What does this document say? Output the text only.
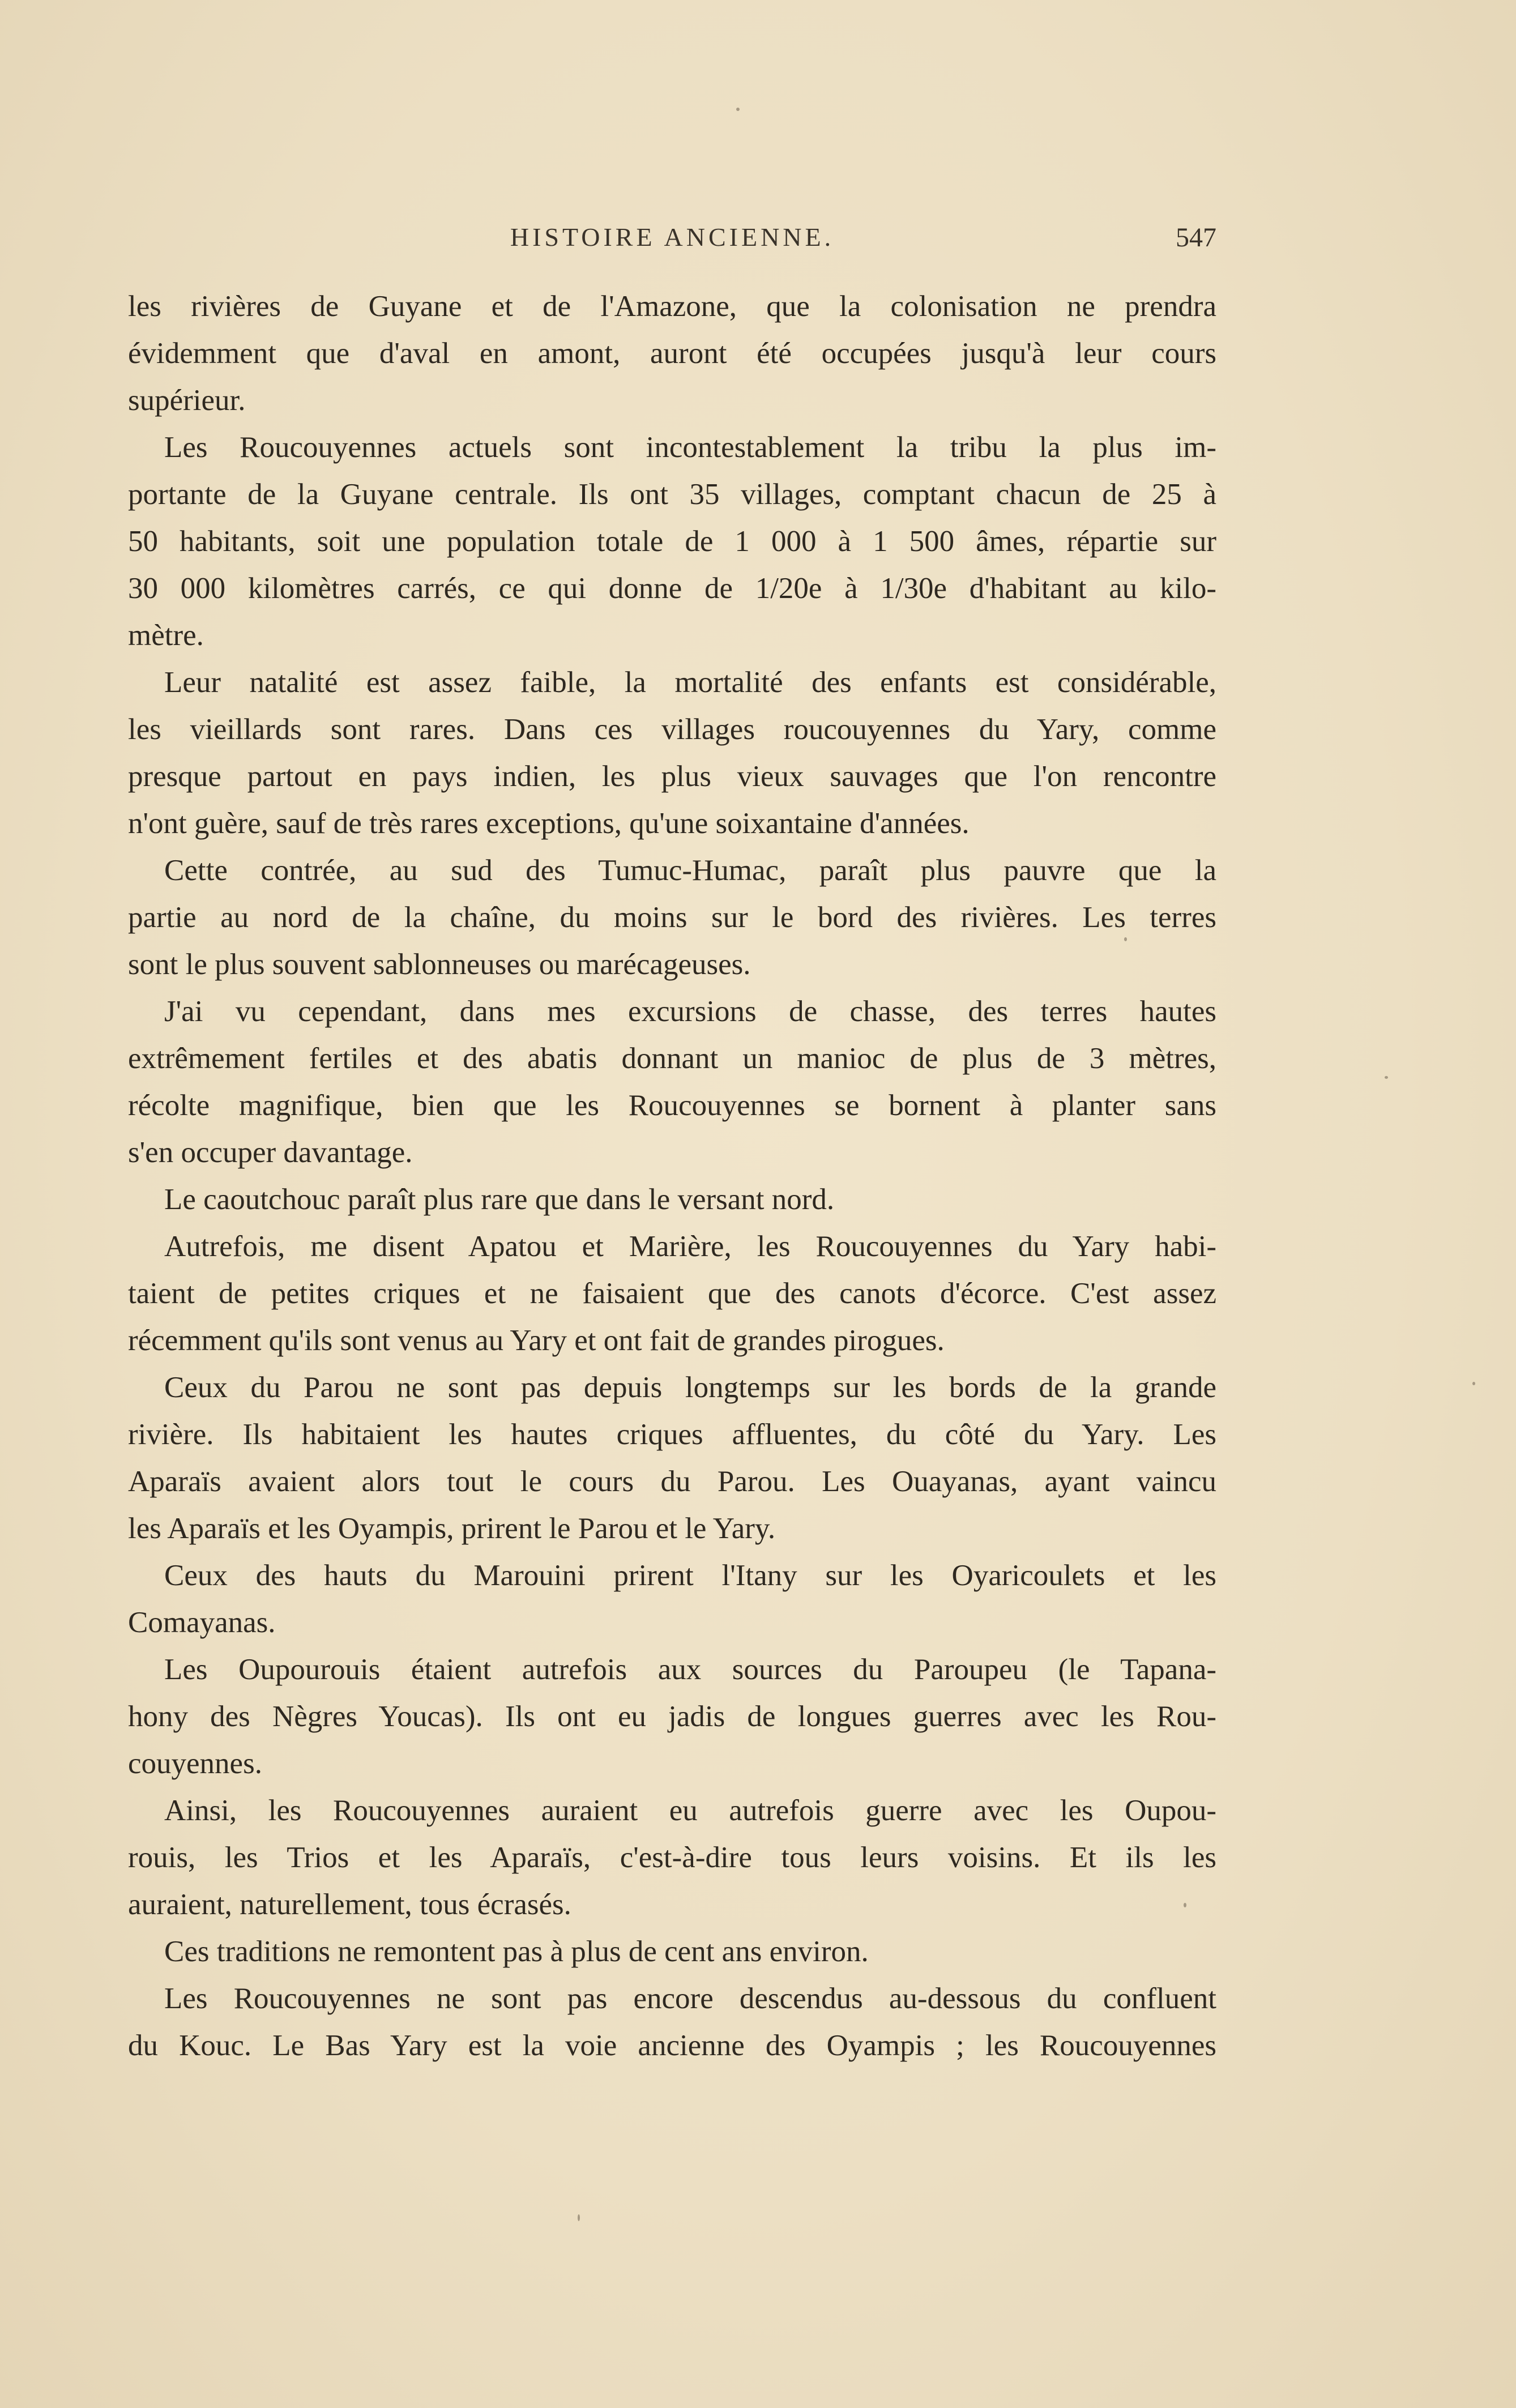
HISTOIRE ANCIENNE.	547
les rivières de Guyane et de l'Amazone, que la colonisation ne prendra
évidemment que d'aval en amont, auront été occupées jusqu'à leur cours
supérieur.
Les Roucouyennes actuels sont incontestablement la tribu la plus im-
portante de la Guyane centrale. Ils ont 35 villages, comptant chacun de 25 à
50 habitants, soit une population totale de 1 000 à 1 500 âmes, répartie sur
30 000 kilomètres carrés, ce qui donne de 1/20e à 1/30e d'habitant au kilo-
mètre.
Leur natalité est assez faible, la mortalité des enfants est considérable,
les vieillards sont rares. Dans ces villages roucouyennes du Yary, comme
presque partout en pays indien, les plus vieux sauvages que l'on rencontre
n'ont guère, sauf de très rares exceptions, qu'une soixantaine d'années.
Cette contrée, au sud des Tumuc-Humac, paraît plus pauvre que la
partie au nord de la chaîne, du moins sur le bord des rivières. Les terres
sont le plus souvent sablonneuses ou marécageuses.
J'ai vu cependant, dans mes excursions de chasse, des terres hautes
extrêmement fertiles et des abatis donnant un manioc de plus de 3 mètres,
récolte magnifique, bien que les Roucouyennes se bornent à planter sans
s'en occuper davantage.
Le caoutchouc paraît plus rare que dans le versant nord.
Autrefois, me disent Apatou et Marière, les Roucouyennes du Yary habi-
taient de petites criques et ne faisaient que des canots d'écorce. C'est assez
récemment qu'ils sont venus au Yary et ont fait de grandes pirogues.
Ceux du Parou ne sont pas depuis longtemps sur les bords de la grande
rivière. Ils habitaient les hautes criques affluentes, du côté du Yary. Les
Aparaïs avaient alors tout le cours du Parou. Les Ouayanas, ayant vaincu
les Aparaïs et les Oyampis, prirent le Parou et le Yary.
Ceux des hauts du Marouini prirent l'Itany sur les Oyaricoulets et les
Comayanas.
Les Oupourouis étaient autrefois aux sources du Paroupeu (le Tapana-
hony des Nègres Youcas). Ils ont eu jadis de longues guerres avec les Rou-
couyennes.
Ainsi, les Roucouyennes auraient eu autrefois guerre avec les Oupou-
rouis, les Trios et les Aparaïs, c'est-à-dire tous leurs voisins. Et ils les
auraient, naturellement, tous écrasés.
Ces traditions ne remontent pas à plus de cent ans environ.
Les Roucouyennes ne sont pas encore descendus au-dessous du confluent
du Kouc. Le Bas Yary est la voie ancienne des Oyampis ; les Roucouyennes
